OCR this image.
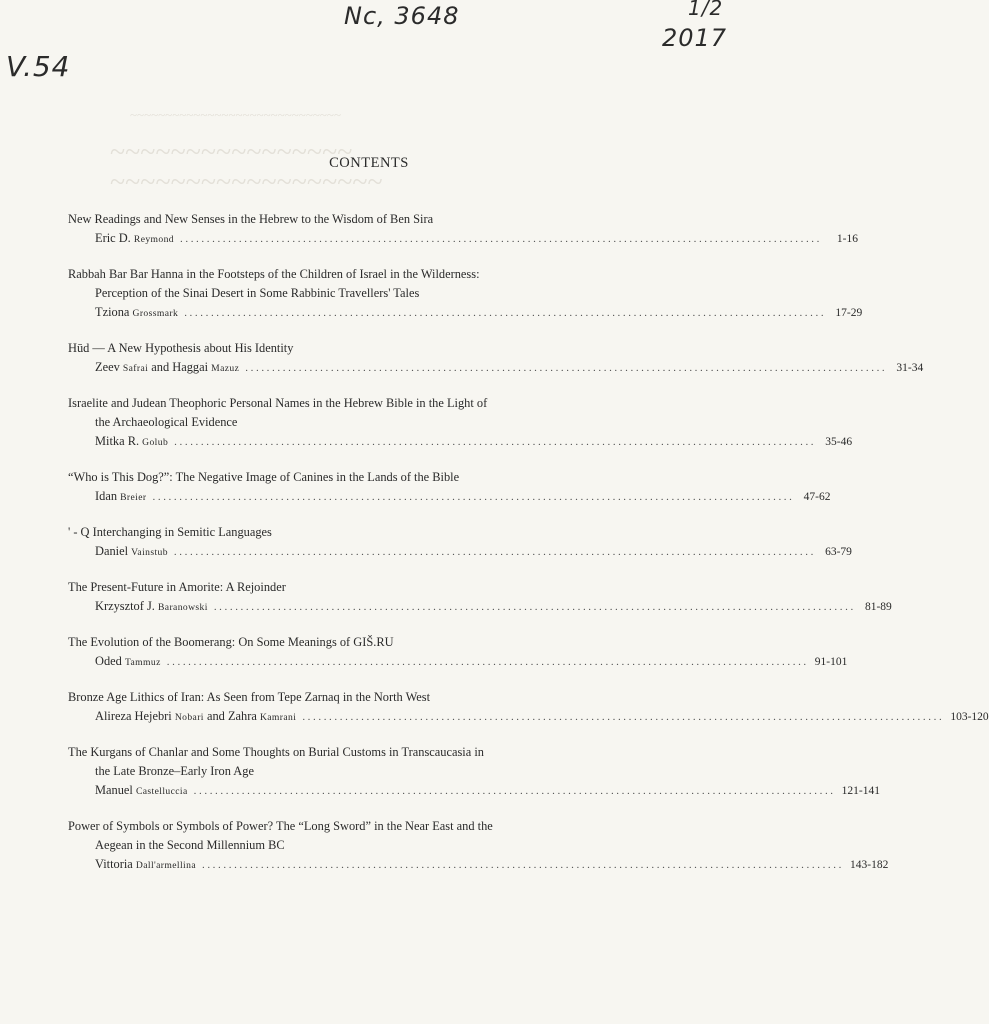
Nc, 3648
V.54
1/2
2017

~~~~~~~~~~~~~~~~~~~~~~~~~~~~~~
~~~~~~~~~~~~~~~~
~~~~~~~~~~~~~~~~~~
CONTENTS
New Readings and New Senses in the Hebrew to the Wisdom of Ben Sira
Eric D. Reymond ........................................................................................................................	1-16
Rabbah Bar Bar Hanna in the Footsteps of the Children of Israel in the Wilderness:
Perception of the Sinai Desert in Some Rabbinic Travellers' Tales
Tziona Grossmark ........................................................................................................................ 17-29
Hūd — A New Hypothesis about His Identity
Zeev Safrai and Haggai Mazuz ........................................................................................................................ 31-34
Israelite and Judean Theophoric Personal Names in the Hebrew Bible in the Light of
the Archaeological Evidence
Mitka R. Golub ........................................................................................................................ 35-46
“Who is This Dog?”: The Negative Image of Canines in the Lands of the Bible
Idan Breier ........................................................................................................................ 47-62
' - Q Interchanging in Semitic Languages
Daniel Vainstub ........................................................................................................................ 63-79
The Present-Future in Amorite: A Rejoinder
Krzysztof J. Baranowski ........................................................................................................................ 81-89
The Evolution of the Boomerang: On Some Meanings of GIŠ.RU
Oded Tammuz ........................................................................................................................ 91-101
Bronze Age Lithics of Iran: As Seen from Tepe Zarnaq in the North West
Alireza Hejebri Nobari and Zahra Kamrani ........................................................................................................................ 103-120
The Kurgans of Chanlar and Some Thoughts on Burial Customs in Transcaucasia in
the Late Bronze–Early Iron Age
Manuel Castelluccia ........................................................................................................................ 121-141
Power of Symbols or Symbols of Power? The “Long Sword” in the Near East and the
Aegean in the Second Millennium BC
Vittoria Dall'armellina ........................................................................................................................ 143-182
